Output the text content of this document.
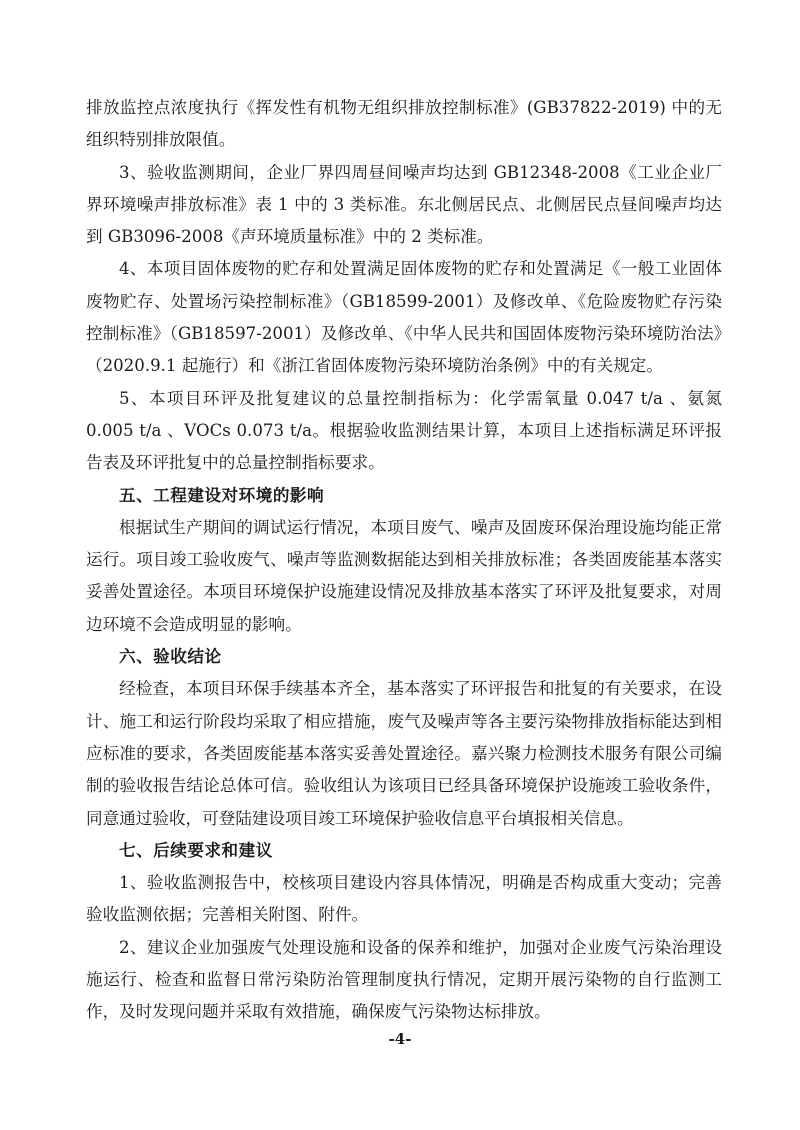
排放监控点浓度执行《挥发性有机物无组织排放控制标准》(GB37822-2019) 中的无组织特别排放限值。

3、验收监测期间，企业厂界四周昼间噪声均达到 GB12348-2008《工业企业厂界环境噪声排放标准》表 1 中的 3 类标准。东北侧居民点、北侧居民点昼间噪声均达到 GB3096-2008《声环境质量标准》中的 2 类标准。

4、本项目固体废物的贮存和处置满足固体废物的贮存和处置满足《一般工业固体废物贮存、处置场污染控制标准》（GB18599-2001）及修改单、《危险废物贮存污染控制标准》（GB18597-2001）及修改单、《中华人民共和国固体废物污染环境防治法》（2020.9.1 起施行）和《浙江省固体废物污染环境防治条例》中的有关规定。

5、本项目环评及批复建议的总量控制指标为：化学需氧量 0.047 t/a 、氨氮 0.005 t/a 、VOCs 0.073 t/a。根据验收监测结果计算，本项目上述指标满足环评报告表及环评批复中的总量控制指标要求。

五、工程建设对环境的影响

根据试生产期间的调试运行情况，本项目废气、噪声及固废环保治理设施均能正常运行。项目竣工验收废气、噪声等监测数据能达到相关排放标准；各类固废能基本落实妥善处置途径。本项目环境保护设施建设情况及排放基本落实了环评及批复要求，对周边环境不会造成明显的影响。

六、验收结论

经检查，本项目环保手续基本齐全，基本落实了环评报告和批复的有关要求，在设计、施工和运行阶段均采取了相应措施，废气及噪声等各主要污染物排放指标能达到相应标准的要求，各类固废能基本落实妥善处置途径。嘉兴聚力检测技术服务有限公司编制的验收报告结论总体可信。验收组认为该项目已经具备环境保护设施竣工验收条件，同意通过验收，可登陆建设项目竣工环境保护验收信息平台填报相关信息。

七、后续要求和建议

1、验收监测报告中，校核项目建设内容具体情况，明确是否构成重大变动；完善验收监测依据；完善相关附图、附件。

2、建议企业加强废气处理设施和设备的保养和维护，加强对企业废气污染治理设施运行、检查和监督日常污染防治管理制度执行情况，定期开展污染物的自行监测工作，及时发现问题并采取有效措施，确保废气污染物达标排放。

-4-
